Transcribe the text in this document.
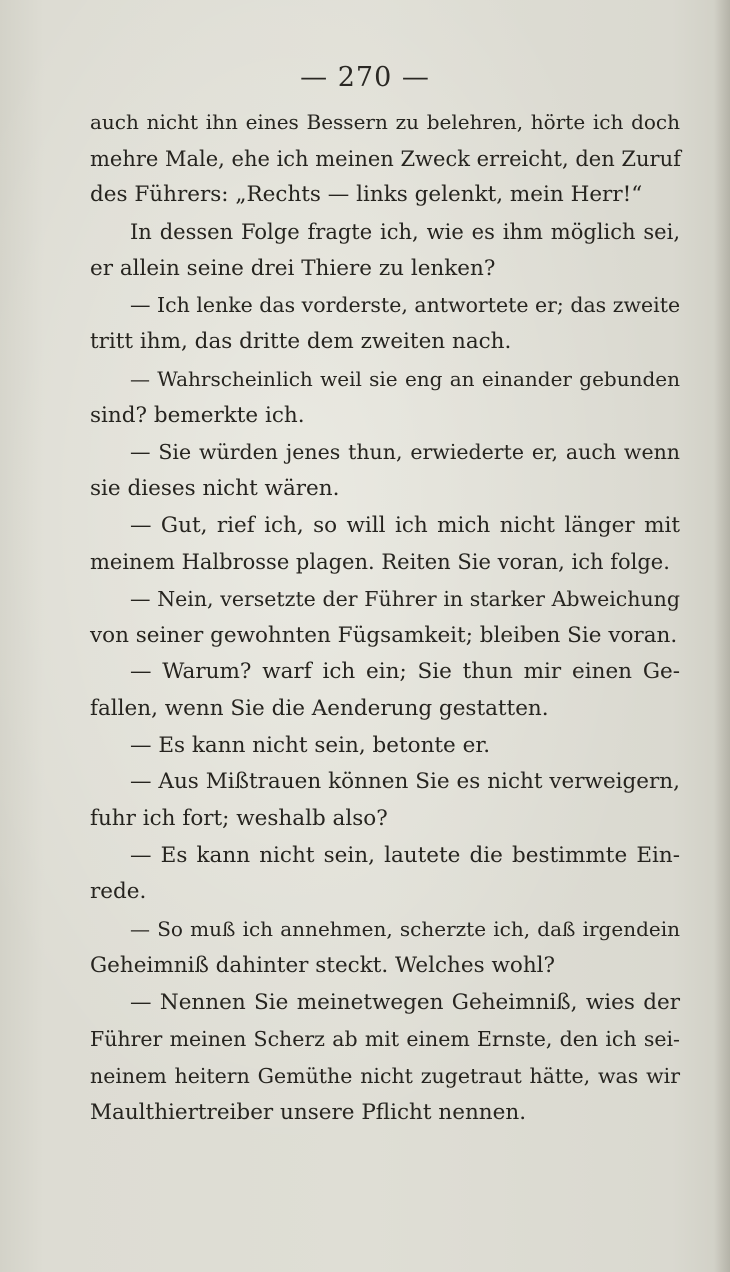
— 270 —
auch nicht ihn eines Bessern zu belehren, hörte ich doch
mehre Male, ehe ich meinen Zweck erreicht, den Zuruf
des Führers: „Rechts — links gelenkt, mein Herr!“
In dessen Folge fragte ich, wie es ihm möglich sei,
er allein seine drei Thiere zu lenken?
— Ich lenke das vorderste, antwortete er; das zweite
tritt ihm, das dritte dem zweiten nach.
— Wahrscheinlich weil sie eng an einander gebunden
sind? bemerkte ich.
— Sie würden jenes thun, erwiederte er, auch wenn
sie dieses nicht wären.
— Gut, rief ich, so will ich mich nicht länger mit
meinem Halbrosse plagen. Reiten Sie voran, ich folge.
— Nein, versetzte der Führer in starker Abweichung
von seiner gewohnten Fügsamkeit; bleiben Sie voran.
— Warum? warf ich ein; Sie thun mir einen Ge-
fallen, wenn Sie die Aenderung gestatten.
— Es kann nicht sein, betonte er.
— Aus Mißtrauen können Sie es nicht verweigern,
fuhr ich fort; weshalb also?
— Es kann nicht sein, lautete die bestimmte Ein-
rede.
— So muß ich annehmen, scherzte ich, daß irgendein
Geheimniß dahinter steckt. Welches wohl?
— Nennen Sie meinetwegen Geheimniß, wies der
Führer meinen Scherz ab mit einem Ernste, den ich sei-
neinem heitern Gemüthe nicht zugetraut hätte, was wir
Maulthiertreiber unsere Pflicht nennen.
